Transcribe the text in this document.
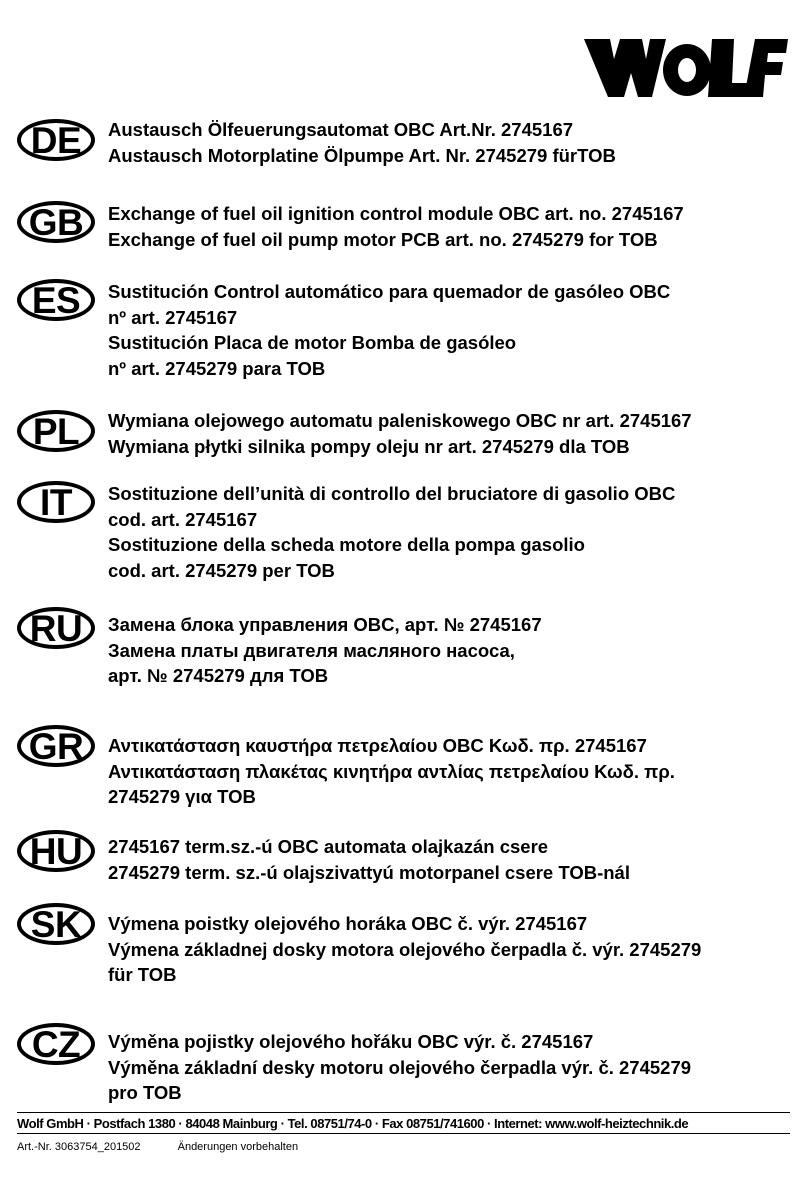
DE	Austausch Ölfeuerungsautomat OBC Art.Nr. 2745167
Austausch Motorplatine Ölpumpe Art. Nr. 2745279 fürTOB
GB	Exchange of fuel oil ignition control module OBC art. no. 2745167
Exchange of fuel oil pump motor PCB art. no. 2745279 for TOB
ES	Sustitución Control automático para quemador de gasóleo OBC
nº art. 2745167
Sustitución Placa de motor Bomba de gasóleo
nº art. 2745279 para TOB
PL	Wymiana olejowego automatu paleniskowego OBC nr art. 2745167
Wymiana płytki silnika pompy oleju nr art. 2745279 dla TOB
IT	Sostituzione dell’unità di controllo del bruciatore di gasolio OBC
cod. art. 2745167
Sostituzione della scheda motore della pompa gasolio
cod. art. 2745279 per TOB
RU	Замена блока управления OBC, арт. № 2745167
Замена платы двигателя масляного насоса,
арт. № 2745279 для TOB
GR	Αντικατάσταση καυστήρα πετρελαίου OBC Κωδ. πρ. 2745167
Αντικατάσταση πλακέτας κινητήρα αντλίας πετρελαίου Κωδ. πρ.
2745279 για TOB
HU	2745167 term.sz.-ú OBC automata olajkazán csere
2745279 term. sz.-ú olajszivattyú motorpanel csere TOB-nál
SK	Výmena poistky olejového horáka OBC č. výr. 2745167
Výmena základnej dosky motora olejového čerpadla č. výr. 2745279
für TOB
CZ	Výměna pojistky olejového hořáku OBC výr. č. 2745167
Výměna základní desky motoru olejového čerpadla výr. č. 2745279
pro TOB
Wolf GmbH · Postfach 1380 · 84048 Mainburg · Tel. 08751/74-0 · Fax 08751/741600 · Internet: www.wolf-heiztechnik.de
Art.-Nr. 3063754_201502	Änderungen vorbehalten
